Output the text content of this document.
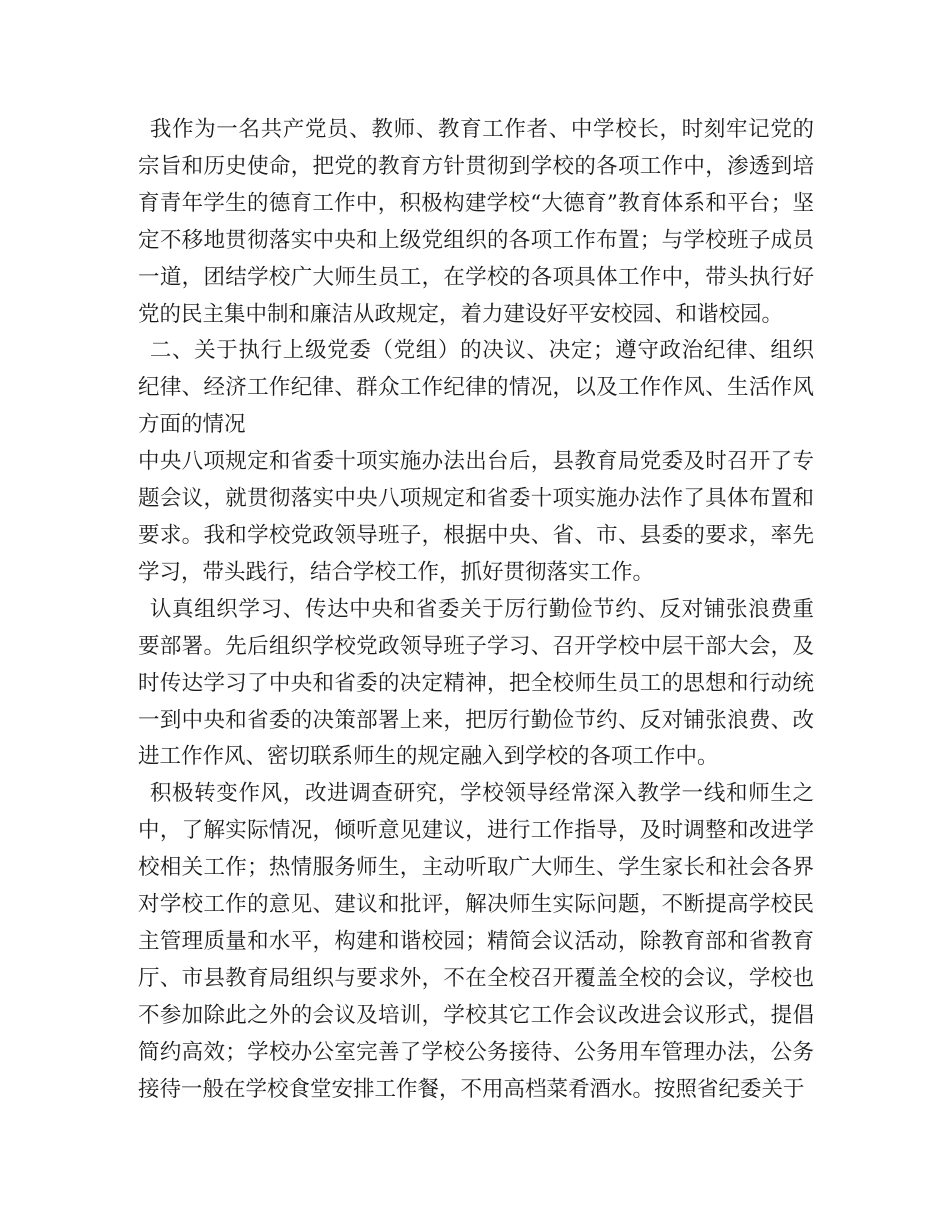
我作为一名共产党员、教师、教育工作者、中学校长，时刻牢记党的宗旨和历史使命，把党的教育方针贯彻到学校的各项工作中，渗透到培育青年学生的德育工作中，积极构建学校“大德育”教育体系和平台；坚定不移地贯彻落实中央和上级党组织的各项工作布置；与学校班子成员一道，团结学校广大师生员工，在学校的各项具体工作中，带头执行好党的民主集中制和廉洁从政规定，着力建设好平安校园、和谐校园。

二、关于执行上级党委（党组）的决议、决定；遵守政治纪律、组织纪律、经济工作纪律、群众工作纪律的情况，以及工作作风、生活作风方面的情况

中央八项规定和省委十项实施办法出台后，县教育局党委及时召开了专题会议，就贯彻落实中央八项规定和省委十项实施办法作了具体布置和要求。我和学校党政领导班子，根据中央、省、市、县委的要求，率先学习，带头践行，结合学校工作，抓好贯彻落实工作。

认真组织学习、传达中央和省委关于厉行勤俭节约、反对铺张浪费重要部署。先后组织学校党政领导班子学习、召开学校中层干部大会，及时传达学习了中央和省委的决定精神，把全校师生员工的思想和行动统一到中央和省委的决策部署上来，把厉行勤俭节约、反对铺张浪费、改进工作作风、密切联系师生的规定融入到学校的各项工作中。

积极转变作风，改进调查研究，学校领导经常深入教学一线和师生之中，了解实际情况，倾听意见建议，进行工作指导，及时调整和改进学校相关工作；热情服务师生，主动听取广大师生、学生家长和社会各界对学校工作的意见、建议和批评，解决师生实际问题，不断提高学校民主管理质量和水平，构建和谐校园；精简会议活动，除教育部和省教育厅、市县教育局组织与要求外，不在全校召开覆盖全校的会议，学校也不参加除此之外的会议及培训，学校其它工作会议改进会议形式，提倡简约高效；学校办公室完善了学校公务接待、公务用车管理办法，公务接待一般在学校食堂安排工作餐，不用高档菜肴酒水。按照省纪委关于
